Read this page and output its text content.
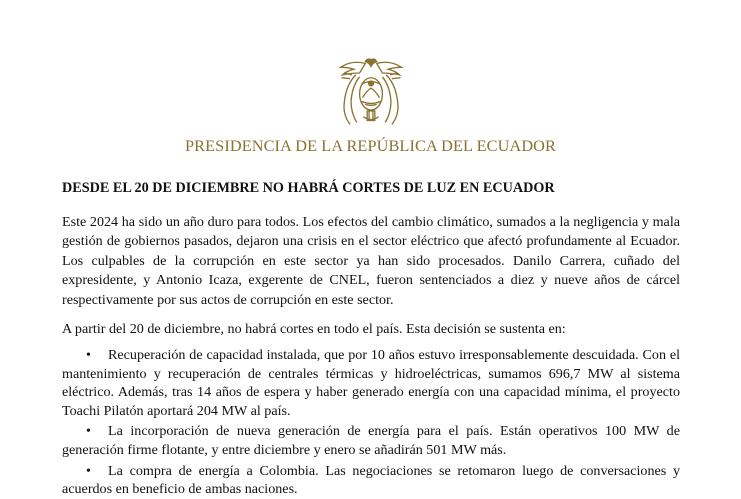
PRESIDENCIA DE LA REPÚBLICA DEL ECUADOR
DESDE EL 20 DE DICIEMBRE NO HABRÁ CORTES DE LUZ EN ECUADOR
Este 2024 ha sido un año duro para todos. Los efectos del cambio climático, sumados a la negligencia y mala gestión de gobiernos pasados, dejaron una crisis en el sector eléctrico que afectó profundamente al Ecuador. Los culpables de la corrupción en este sector ya han sido procesados. Danilo Carrera, cuñado del expresidente, y Antonio Icaza, exgerente de CNEL, fueron sentenciados a diez y nueve años de cárcel respectivamente por sus actos de corrupción en este sector.
A partir del 20 de diciembre, no habrá cortes en todo el país. Esta decisión se sustenta en:
• Recuperación de capacidad instalada, que por 10 años estuvo irresponsablemente descuidada. Con el mantenimiento y recuperación de centrales térmicas y hidroeléctricas, sumamos 696,7 MW al sistema eléctrico. Además, tras 14 años de espera y haber generado energía con una capacidad mínima, el proyecto Toachi Pilatón aportará 204 MW al país.
• La incorporación de nueva generación de energía para el país. Están operativos 100 MW de generación firme flotante, y entre diciembre y enero se añadirán 501 MW más.
• La compra de energía a Colombia. Las negociaciones se retomaron luego de conversaciones y acuerdos en beneficio de ambas naciones.
